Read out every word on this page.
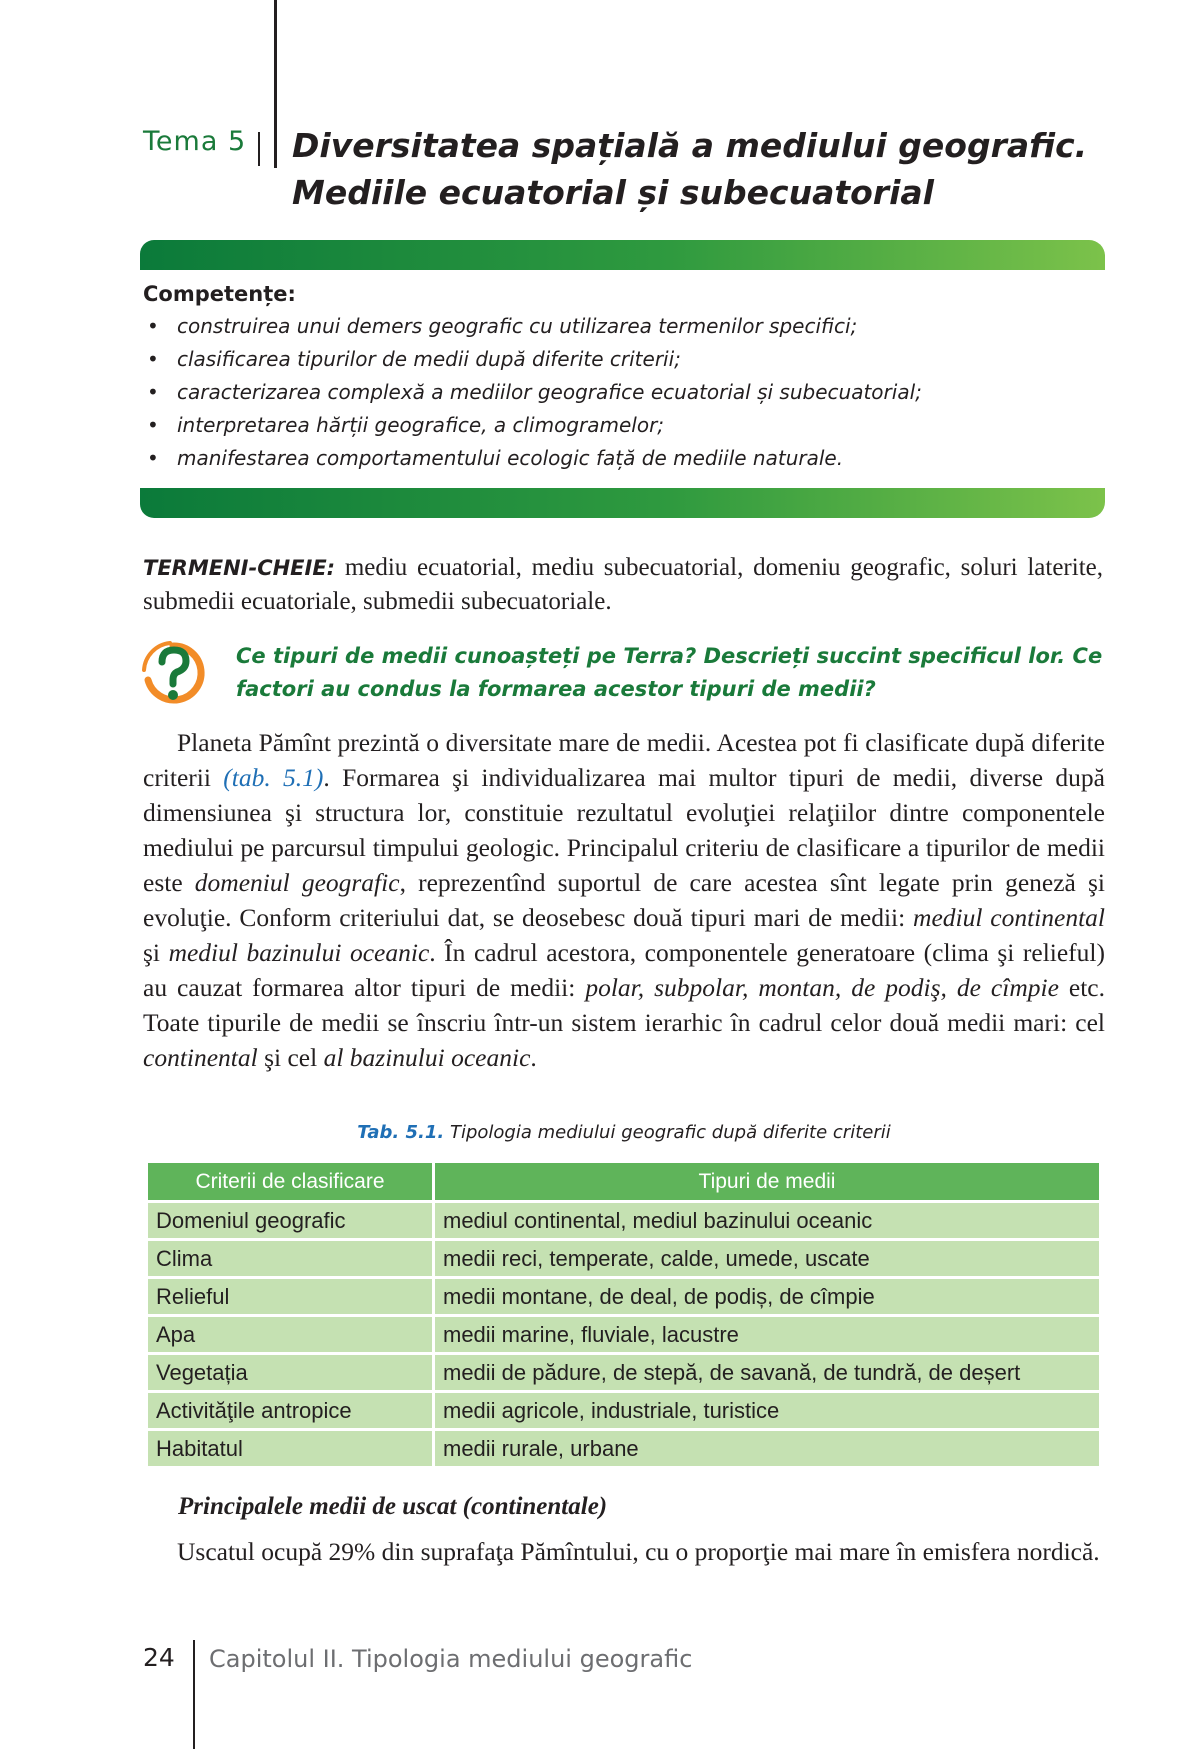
Tema 5 Diversitatea spațială a mediului geografic.
Mediile ecuatorial și subecuatorial
Competențe:
• construirea unui demers geografic cu utilizarea termenilor specifici;
• clasificarea tipurilor de medii după diferite criterii;
• caracterizarea complexă a mediilor geografice ecuatorial și subecuatorial;
• interpretarea hărții geografice, a climogramelor;
• manifestarea comportamentului ecologic față de mediile naturale.
TERMENI-CHEIE: mediu ecuatorial, mediu subecuatorial, domeniu geografic, soluri laterite, submedii ecuatoriale, submedii subecuatoriale.
Ce tipuri de medii cunoașteți pe Terra? Descrieți succint specificul lor. Ce factori au condus la formarea acestor tipuri de medii?
Planeta Pămînt prezintă o diversitate mare de medii. Acestea pot fi clasificate după diferite criterii (tab. 5.1). Formarea şi individualizarea mai multor tipuri de medii, diverse după dimensiunea şi structura lor, constituie rezultatul evoluţiei relaţiilor dintre componentele mediului pe parcursul timpului geologic. Principalul criteriu de clasificare a tipurilor de medii este domeniul geografic, reprezentînd suportul de care acestea sînt legate prin geneză şi evoluţie. Conform criteriului dat, se deosebesc două tipuri mari de medii: mediul continental şi mediul bazinului oceanic. În cadrul acestora, componentele generatoare (clima şi relieful) au cauzat formarea altor tipuri de medii: polar, subpolar, montan, de podiş, de cîmpie etc. Toate tipurile de medii se înscriu într-un sistem ierarhic în cadrul celor două medii mari: cel continental şi cel al bazinului oceanic.
Tab. 5.1. Tipologia mediului geografic după diferite criterii
Criterii de clasificare	Tipuri de medii
Domeniul geografic	mediul continental, mediul bazinului oceanic
Clima	medii reci, temperate, calde, umede, uscate
Relieful	medii montane, de deal, de podiș, de cîmpie
Apa	medii marine, fluviale, lacustre
Vegetația	medii de pădure, de stepă, de savană, de tundră, de deșert
Activităţile antropice	medii agricole, industriale, turistice
Habitatul	medii rurale, urbane
Principalele medii de uscat (continentale)
Uscatul ocupă 29% din suprafaţa Pămîntului, cu o proporţie mai mare în emisfera nordică.
24 Capitolul II. Tipologia mediului geografic
